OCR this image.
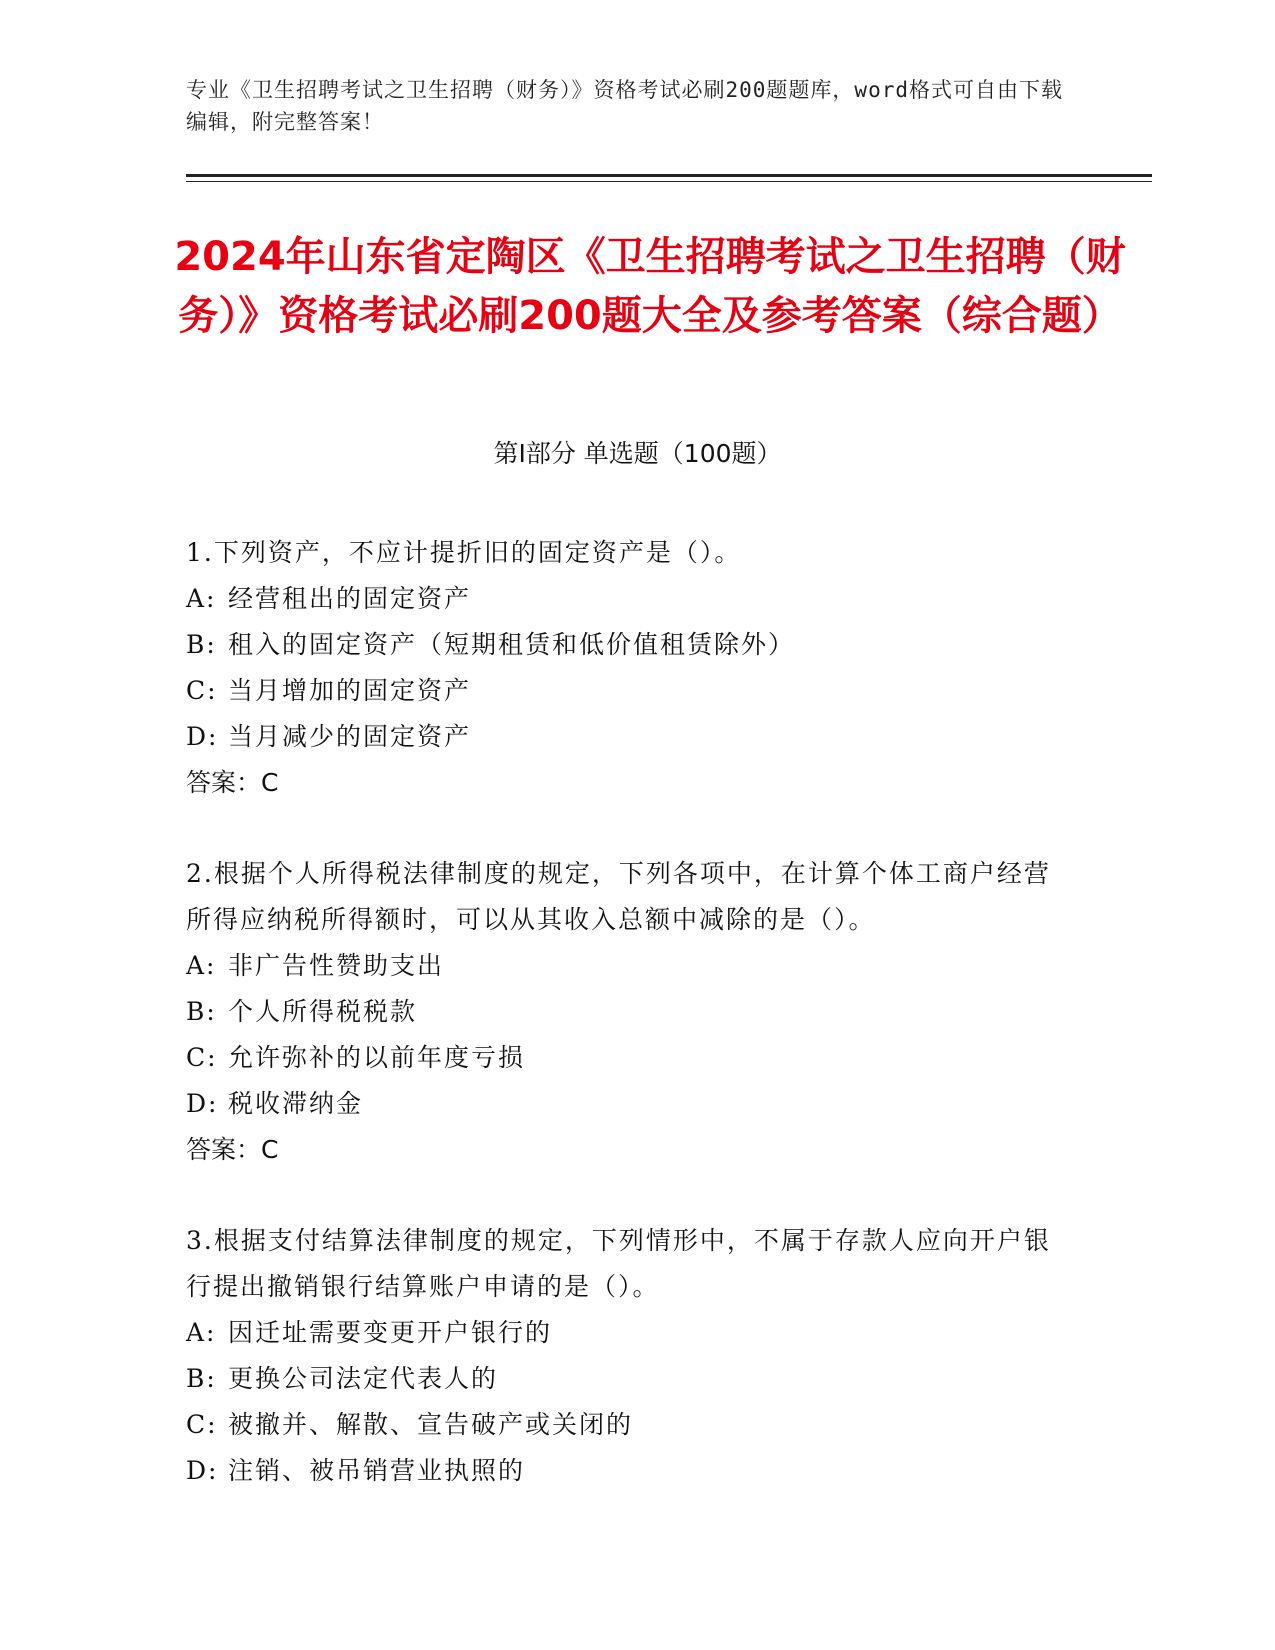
专业《卫生招聘考试之卫生招聘（财务）》资格考试必刷200题题库，word格式可自由下载编辑，附完整答案！
2024年山东省定陶区《卫生招聘考试之卫生招聘（财务）》资格考试必刷200题大全及参考答案（综合题）
第Ⅰ部分 单选题（100题）

1.下列资产，不应计提折旧的固定资产是（）。

A: 经营租出的固定资产

B: 租入的固定资产（短期租赁和低价值租赁除外）

C: 当月增加的固定资产

D: 当月减少的固定资产

答案：C

2.根据个人所得税法律制度的规定，下列各项中，在计算个体工商户经营所得应纳税所得额时，可以从其收入总额中减除的是（）。

A: 非广告性赞助支出

B: 个人所得税税款

C: 允许弥补的以前年度亏损

D: 税收滞纳金

答案：C

3.根据支付结算法律制度的规定，下列情形中，不属于存款人应向开户银行提出撤销银行结算账户申请的是（）。

A: 因迁址需要变更开户银行的

B: 更换公司法定代表人的

C: 被撤并、解散、宣告破产或关闭的

D: 注销、被吊销营业执照的
